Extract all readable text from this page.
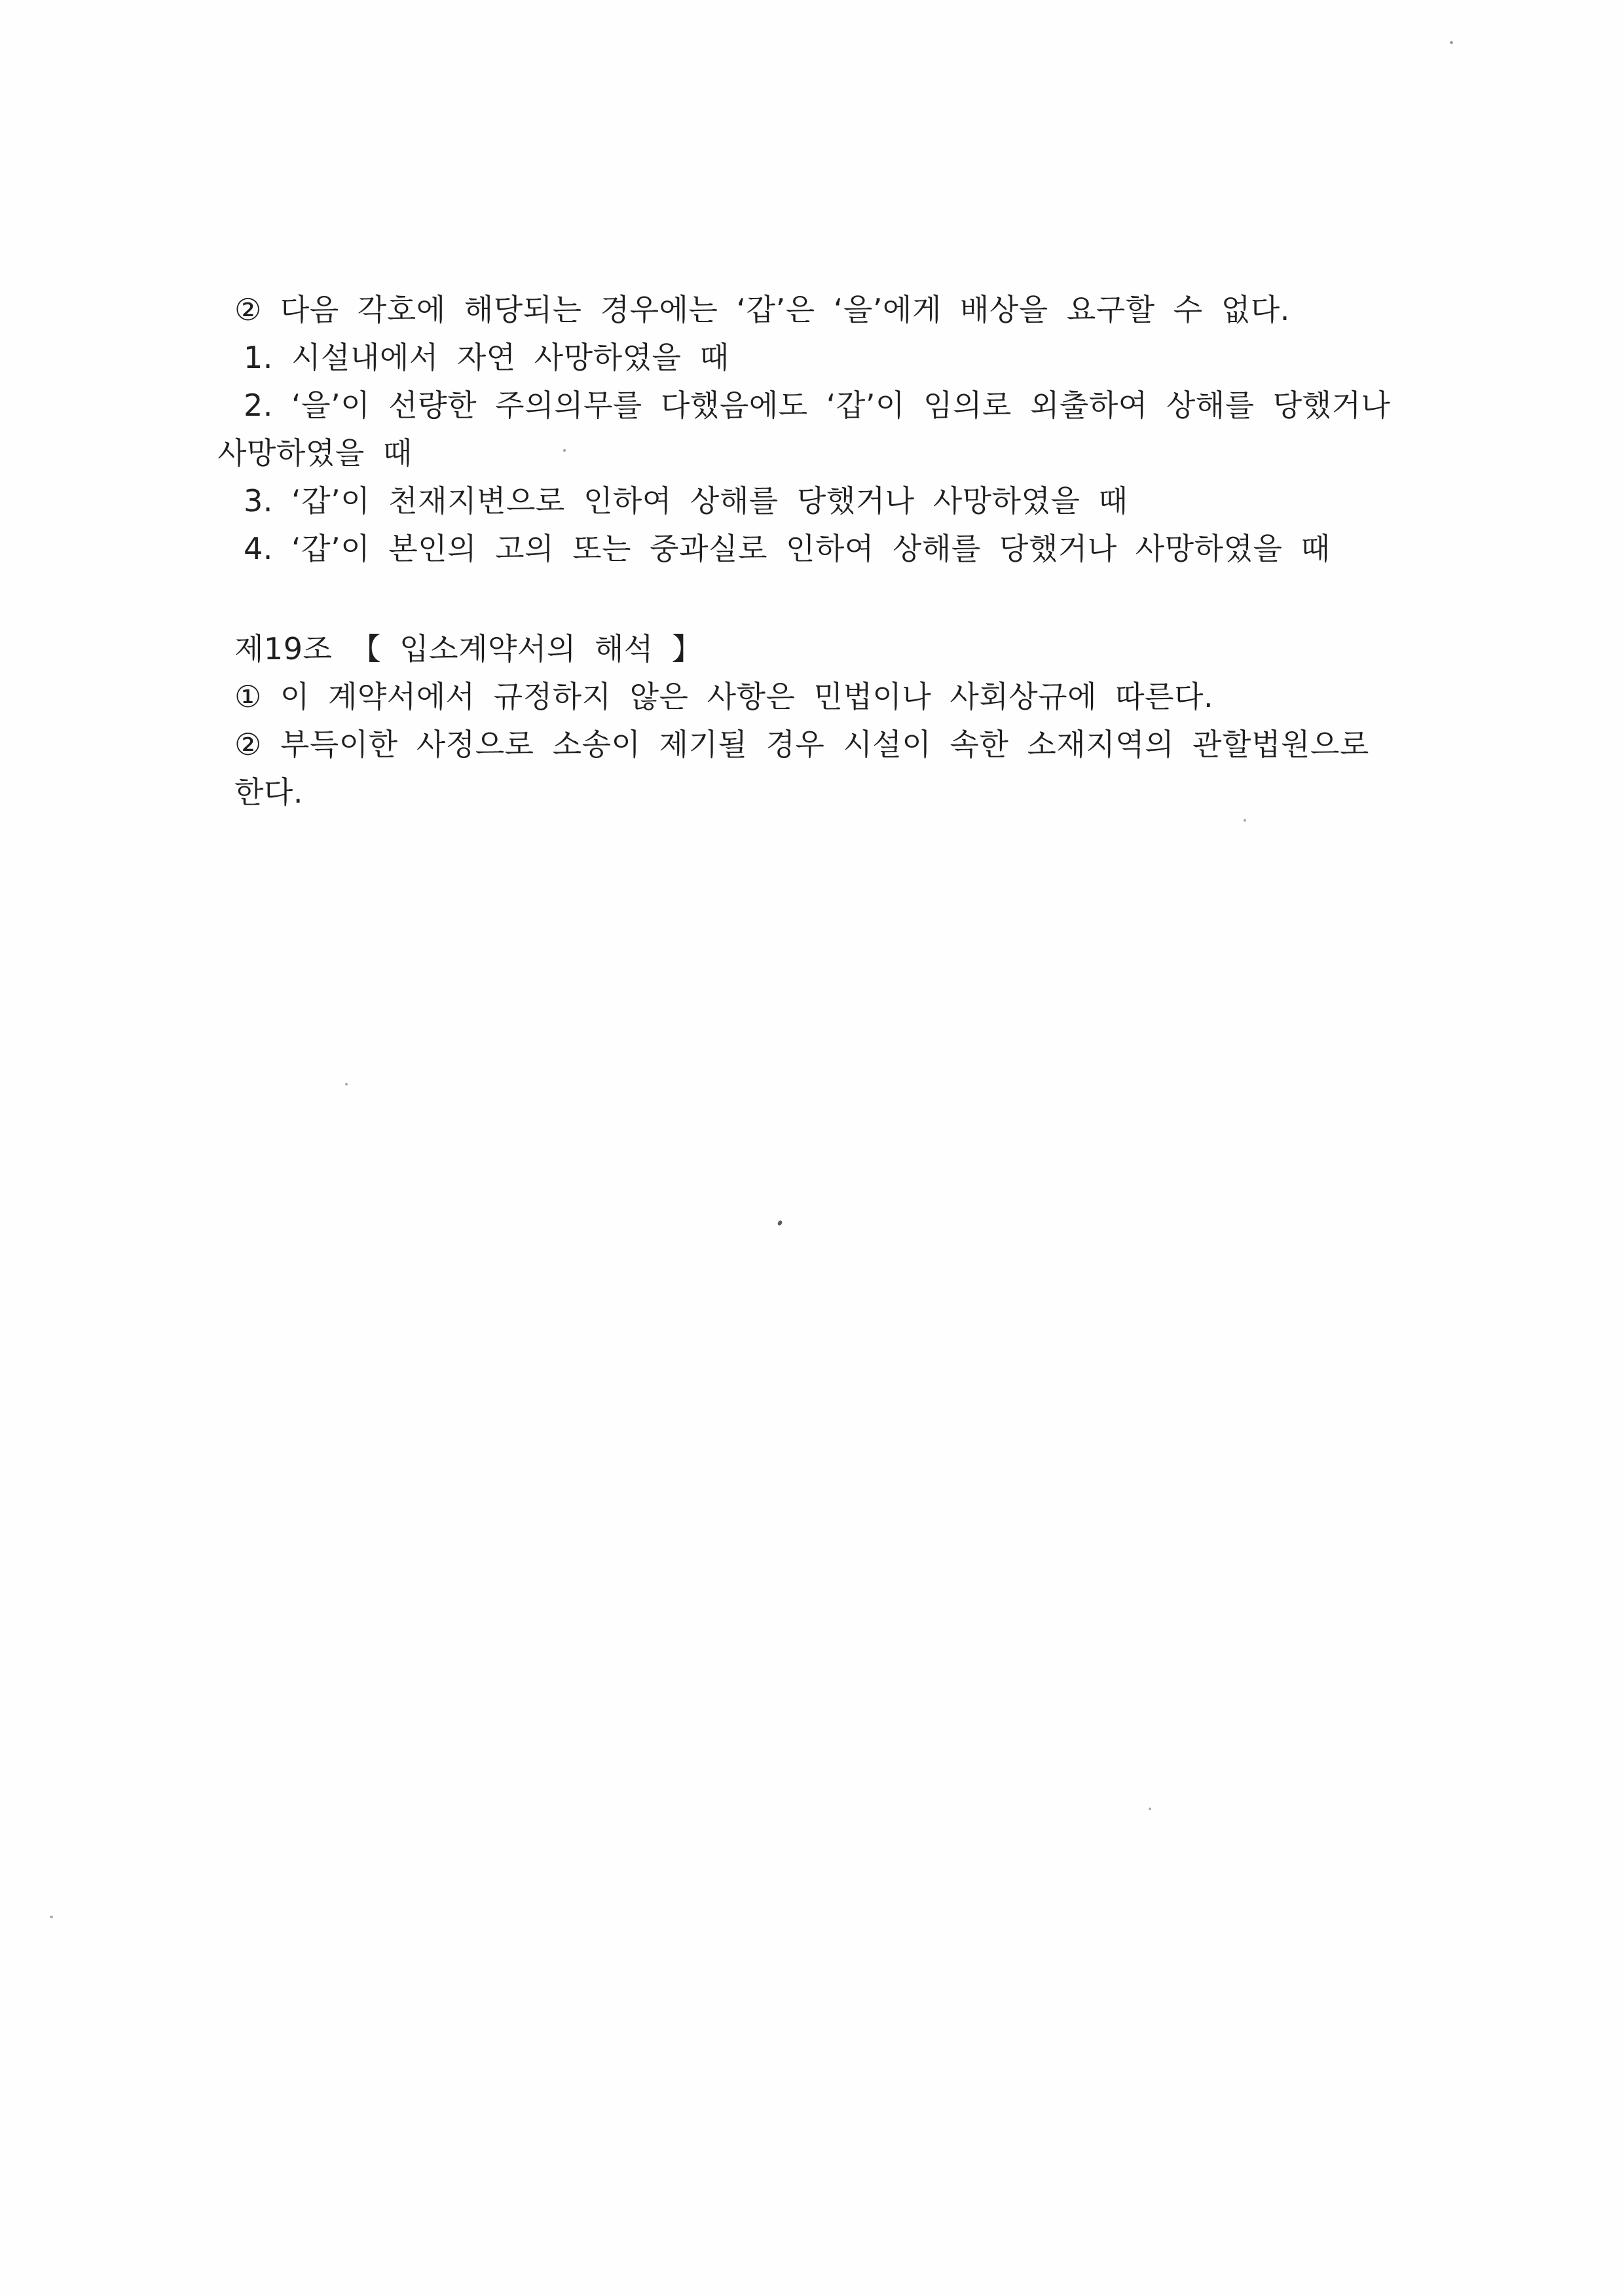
② 다음 각호에 해당되는 경우에는 ‘갑’은 ‘을’에게 배상을 요구할 수 없다.
1. 시설내에서 자연 사망하였을 때
2. ‘을’이 선량한 주의의무를 다했음에도 ‘갑’이 임의로 외출하여 상해를 당했거나
사망하였을 때
3. ‘갑’이 천재지변으로 인하여 상해를 당했거나 사망하였을 때
4. ‘갑’이 본인의 고의 또는 중과실로 인하여 상해를 당했거나 사망하였을 때
제19조 【 입소계약서의 해석 】
① 이 계약서에서 규정하지 않은 사항은 민법이나 사회상규에 따른다.
② 부득이한 사정으로 소송이 제기될 경우 시설이 속한 소재지역의 관할법원으로
한다.
